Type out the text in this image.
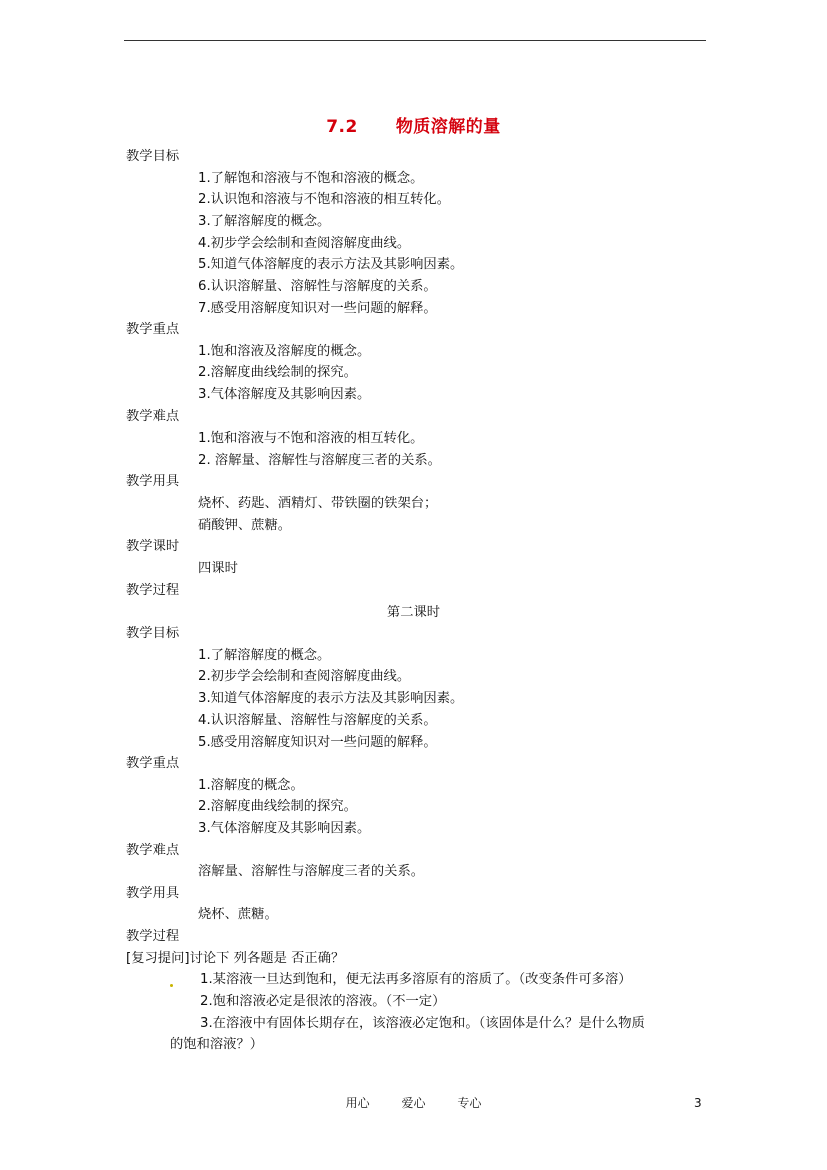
7.2 物质溶解的量
教学目标
1.了解饱和溶液与不饱和溶液的概念。
2.认识饱和溶液与不饱和溶液的相互转化。
3.了解溶解度的概念。
4.初步学会绘制和查阅溶解度曲线。
5.知道气体溶解度的表示方法及其影响因素。
6.认识溶解量、溶解性与溶解度的关系。
7.感受用溶解度知识对一些问题的解释。
教学重点
1.饱和溶液及溶解度的概念。
2.溶解度曲线绘制的探究。
3.气体溶解度及其影响因素。
教学难点
1.饱和溶液与不饱和溶液的相互转化。
2. 溶解量、溶解性与溶解度三者的关系。
教学用具
烧杯、药匙、酒精灯、带铁圈的铁架台；
硝酸钾、蔗糖。
教学课时
四课时
教学过程
第二课时
教学目标
1.了解溶解度的概念。
2.初步学会绘制和查阅溶解度曲线。
3.知道气体溶解度的表示方法及其影响因素。
4.认识溶解量、溶解性与溶解度的关系。
5.感受用溶解度知识对一些问题的解释。
教学重点
1.溶解度的概念。
2.溶解度曲线绘制的探究。
3.气体溶解度及其影响因素。
教学难点
溶解量、溶解性与溶解度三者的关系。
教学用具
烧杯、蔗糖。
教学过程
[复习提问]讨论下 列各题是 否正确？
1.某溶液一旦达到饱和，便无法再多溶原有的溶质了。（改变条件可多溶）
2.饱和溶液必定是很浓的溶液。（不一定）
3.在溶液中有固体长期存在，该溶液必定饱和。（该固体是什么？是什么物质
的饱和溶液？）
用心	爱心	专心	3
